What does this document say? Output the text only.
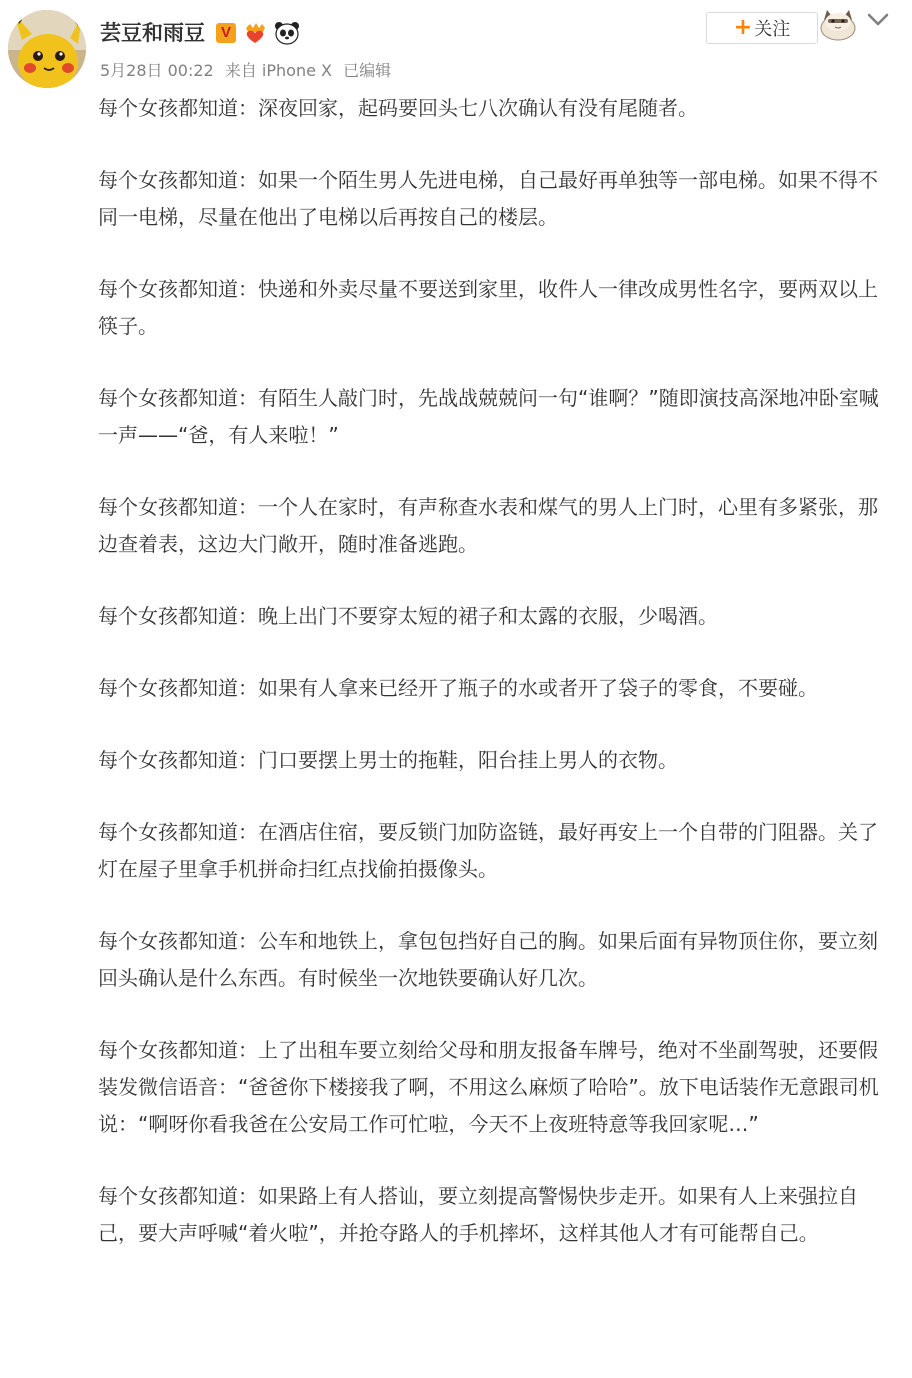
芸豆和雨豆	V
5月28日 00:22 来自 iPhone X 已编辑
+ 关注

每个女孩都知道：深夜回家，起码要回头七八次确认有没有尾随者。

每个女孩都知道：如果一个陌生男人先进电梯，自己最好再单独等一部电梯。如果不得不同一电梯，尽量在他出了电梯以后再按自己的楼层。

每个女孩都知道：快递和外卖尽量不要送到家里，收件人一律改成男性名字，要两双以上筷子。

每个女孩都知道：有陌生人敲门时，先战战兢兢问一句“谁啊？”随即演技高深地冲卧室喊一声——“爸，有人来啦！”

每个女孩都知道：一个人在家时，有声称查水表和煤气的男人上门时，心里有多紧张，那边查着表，这边大门敞开，随时准备逃跑。

每个女孩都知道：晚上出门不要穿太短的裙子和太露的衣服，少喝酒。

每个女孩都知道：如果有人拿来已经开了瓶子的水或者开了袋子的零食，不要碰。

每个女孩都知道：门口要摆上男士的拖鞋，阳台挂上男人的衣物。

每个女孩都知道：在酒店住宿，要反锁门加防盗链，最好再安上一个自带的门阻器。关了灯在屋子里拿手机拼命扫红点找偷拍摄像头。

每个女孩都知道：公车和地铁上，拿包包挡好自己的胸。如果后面有异物顶住你，要立刻回头确认是什么东西。有时候坐一次地铁要确认好几次。

每个女孩都知道：上了出租车要立刻给父母和朋友报备车牌号，绝对不坐副驾驶，还要假装发微信语音：“爸爸你下楼接我了啊，不用这么麻烦了哈哈”。放下电话装作无意跟司机说：“啊呀你看我爸在公安局工作可忙啦，今天不上夜班特意等我回家呢…”

每个女孩都知道：如果路上有人搭讪，要立刻提高警惕快步走开。如果有人上来强拉自己，要大声呼喊“着火啦”，并抢夺路人的手机摔坏，这样其他人才有可能帮自己。
